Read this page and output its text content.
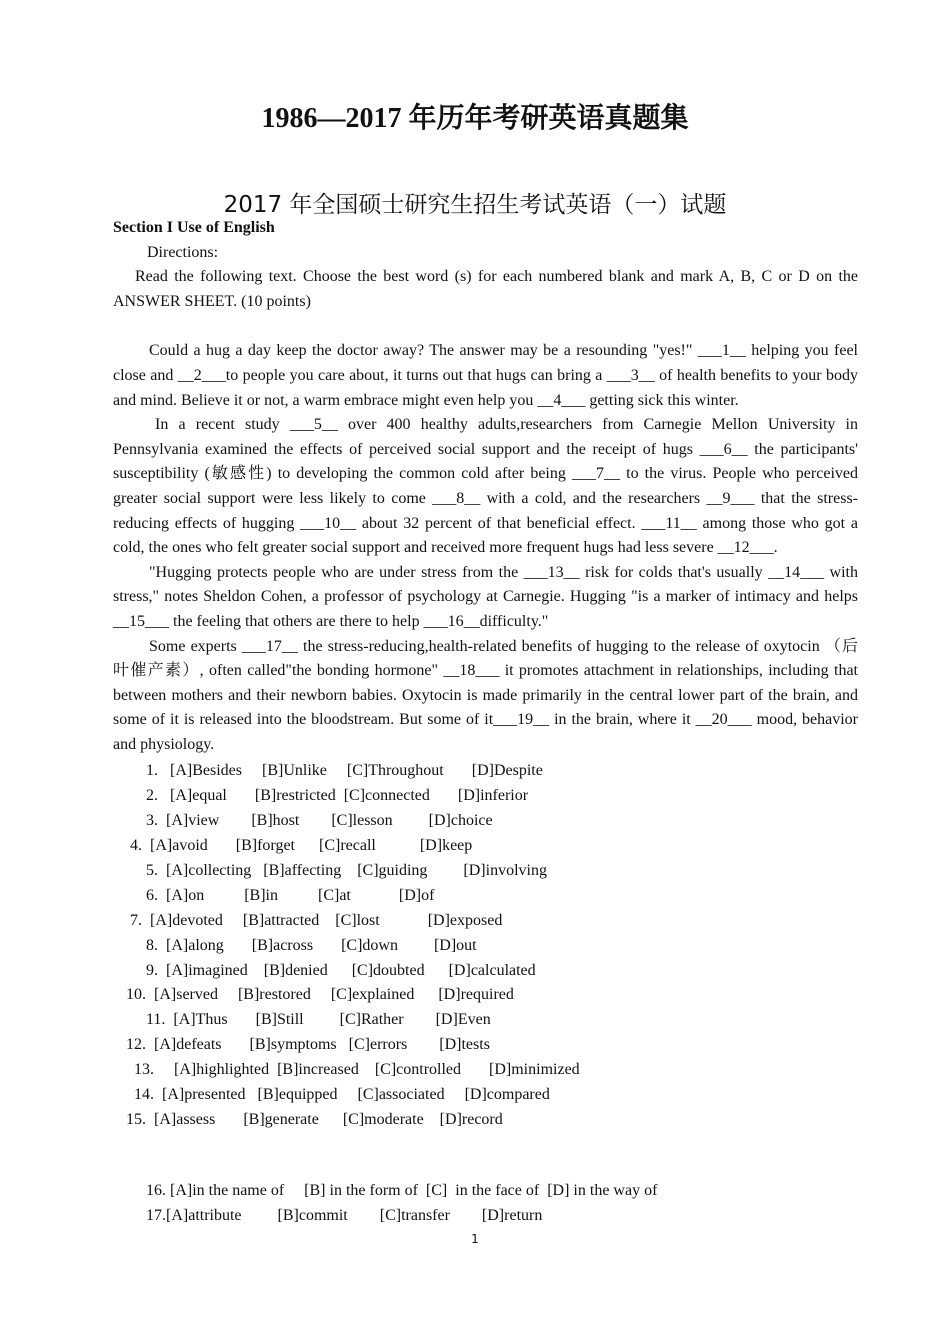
1986—2017 年历年考研英语真题集
2017 年全国硕士研究生招生考试英语（一）试题

Section I Use of English

Directions:

Read the following text. Choose the best word (s) for each numbered blank and mark A, B, C or D on the ANSWER SHEET. (10 points)

Could a hug a day keep the doctor away? The answer may be a resounding "yes!" ___1__ helping you feel close and __2___to people you care about, it turns out that hugs can bring a ___3__ of health benefits to your body and mind. Believe it or not, a warm embrace might even help you __4___ getting sick this winter.

In a recent study ___5__ over 400 healthy adults,researchers from Carnegie Mellon University in Pennsylvania examined the effects of perceived social support and the receipt of hugs ___6__ the participants' susceptibility (敏感性) to developing the common cold after being ___7__ to the virus. People who perceived greater social support were less likely to come ___8__ with a cold, and the researchers __9___ that the stress-reducing effects of hugging ___10__ about 32 percent of that beneficial effect. ___11__ among those who got a cold, the ones who felt greater social support and received more frequent hugs had less severe __12___.

"Hugging protects people who are under stress from the ___13__ risk for colds that's usually __14___ with stress," notes Sheldon Cohen, a professor of psychology at Carnegie. Hugging "is a marker of intimacy and helps __15___ the feeling that others are there to help ___16__difficulty."

Some experts ___17__ the stress-reducing,health-related benefits of hugging to the release of oxytocin （后叶催产素）, often called"the bonding hormone" __18___ it promotes attachment in relationships, including that between mothers and their newborn babies. Oxytocin is made primarily in the central lower part of the brain, and some of it is released into the bloodstream. But some of it___19__ in the brain, where it __20___ mood, behavior and physiology.

1.   [A]Besides     [B]Unlike     [C]Throughout       [D]Despite
2.   [A]equal       [B]restricted  [C]connected       [D]inferior
3.  [A]view        [B]host        [C]lesson         [D]choice
4.  [A]avoid       [B]forget      [C]recall           [D]keep
5.  [A]collecting   [B]affecting    [C]guiding         [D]involving
6.  [A]on          [B]in          [C]at            [D]of
7.  [A]devoted     [B]attracted    [C]lost            [D]exposed
8.  [A]along       [B]across       [C]down         [D]out
9.  [A]imagined    [B]denied      [C]doubted      [D]calculated
10.  [A]served     [B]restored     [C]explained      [D]required
11.  [A]Thus       [B]Still         [C]Rather        [D]Even
12.  [A]defeats       [B]symptoms   [C]errors        [D]tests
13.     [A]highlighted  [B]increased    [C]controlled       [D]minimized
14.  [A]presented   [B]equipped     [C]associated     [D]compared
15.  [A]assess       [B]generate      [C]moderate    [D]record
16. [A]in the name of     [B] in the form of  [C]  in the face of  [D] in the way of
17.[A]attribute         [B]commit        [C]transfer        [D]return
1
